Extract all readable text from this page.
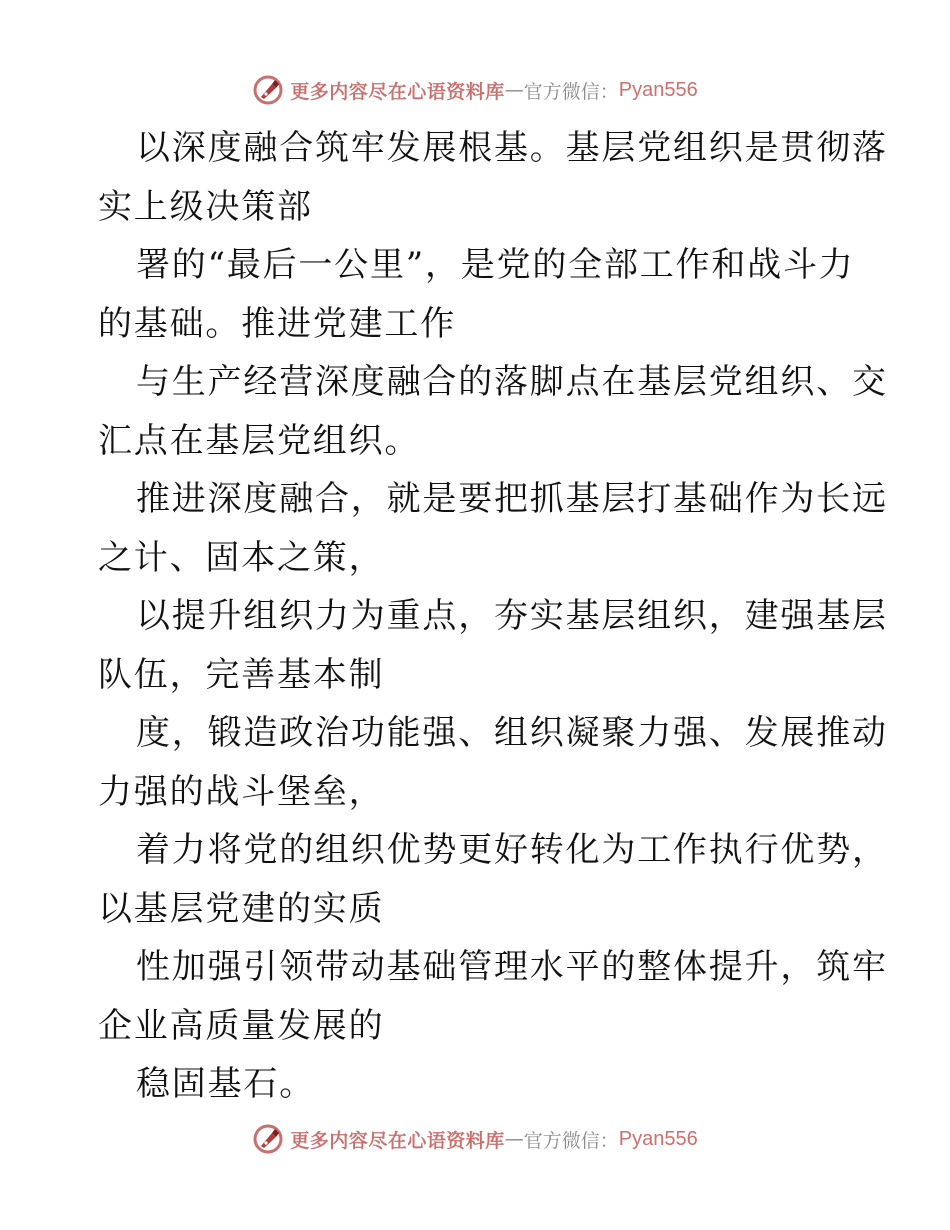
更多内容尽在心语资料库 — 官方微信： Pyan556
以深度融合筑牢发展根基。基层党组织是贯彻落
实上级决策部
署的“最后一公里”，是党的全部工作和战斗力
的基础。推进党建工作
与生产经营深度融合的落脚点在基层党组织、交
汇点在基层党组织。
推进深度融合，就是要把抓基层打基础作为长远
之计、固本之策，
以提升组织力为重点，夯实基层组织，建强基层
队伍，完善基本制
度，锻造政治功能强、组织凝聚力强、发展推动
力强的战斗堡垒，
着力将党的组织优势更好转化为工作执行优势，
以基层党建的实质
性加强引领带动基础管理水平的整体提升，筑牢
企业高质量发展的
稳固基石。
更多内容尽在心语资料库 — 官方微信： Pyan556
